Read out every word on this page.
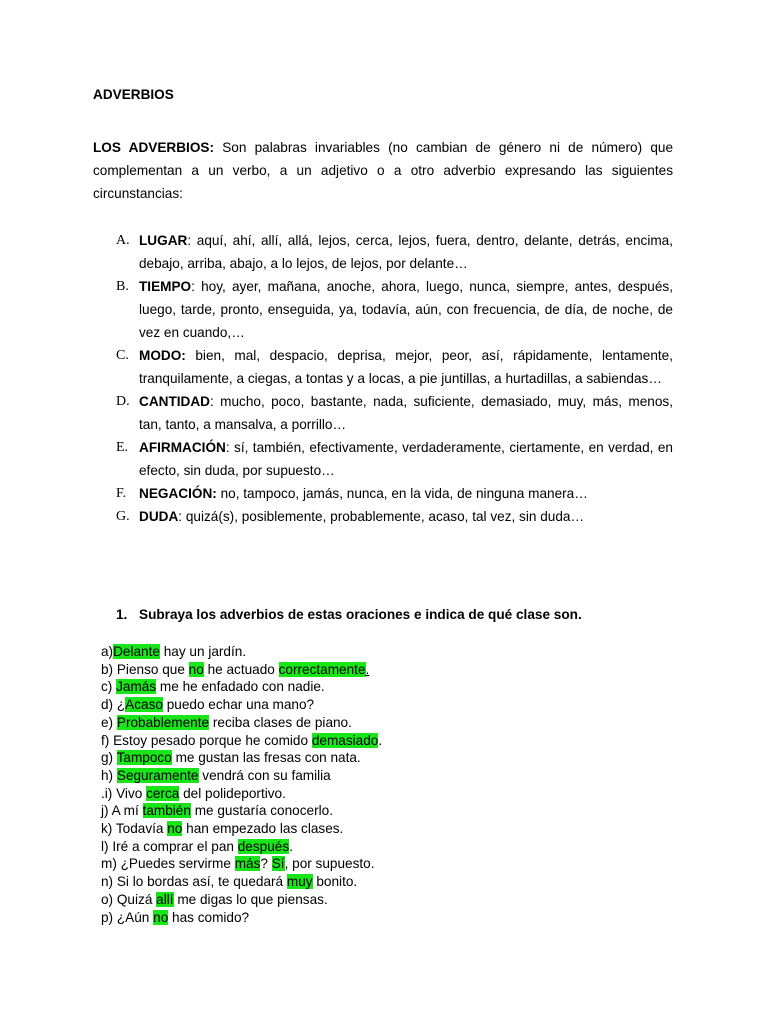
ADVERBIOS

LOS ADVERBIOS: Son palabras invariables (no cambian de género ni de número) que complementan a un verbo, a un adjetivo o a otro adverbio expresando las siguientes circunstancias:

A. LUGAR: aquí, ahí, allí, allá, lejos, cerca, lejos, fuera, dentro, delante, detrás, encima, debajo, arriba, abajo, a lo lejos, de lejos, por delante…
B. TIEMPO: hoy, ayer, mañana, anoche, ahora, luego, nunca, siempre, antes, después, luego, tarde, pronto, enseguida, ya, todavía, aún, con frecuencia, de día, de noche, de vez en cuando,…
C. MODO: bien, mal, despacio, deprisa, mejor, peor, así, rápidamente, lentamente, tranquilamente, a ciegas, a tontas y a locas, a pie juntillas, a hurtadillas, a sabiendas…
D. CANTIDAD: mucho, poco, bastante, nada, suficiente, demasiado, muy, más, menos, tan, tanto, a mansalva, a porrillo…
E. AFIRMACIÓN: sí, también, efectivamente, verdaderamente, ciertamente, en verdad, en efecto, sin duda, por supuesto…
F. NEGACIÓN: no, tampoco, jamás, nunca, en la vida, de ninguna manera…
G. DUDA: quizá(s), posiblemente, probablemente, acaso, tal vez, sin duda…
1. Subraya los adverbios de estas oraciones e indica de qué clase son.
a)Delante hay un jardín.
b) Pienso que no he actuado correctamente.
c) Jamás me he enfadado con nadie.
d) ¿Acaso puedo echar una mano?
e) Probablemente reciba clases de piano.
f) Estoy pesado porque he comido demasiado.
g) Tampoco me gustan las fresas con nata.
h) Seguramente vendrá con su familia
.i) Vivo cerca del polideportivo.
j) A mí también me gustaría conocerlo.
k) Todavía no han empezado las clases.
l) Iré a comprar el pan después.
m) ¿Puedes servirme más? Sí, por supuesto.
n) Si lo bordas así, te quedará muy bonito.
o) Quizá allí me digas lo que piensas.
p) ¿Aún no has comido?
